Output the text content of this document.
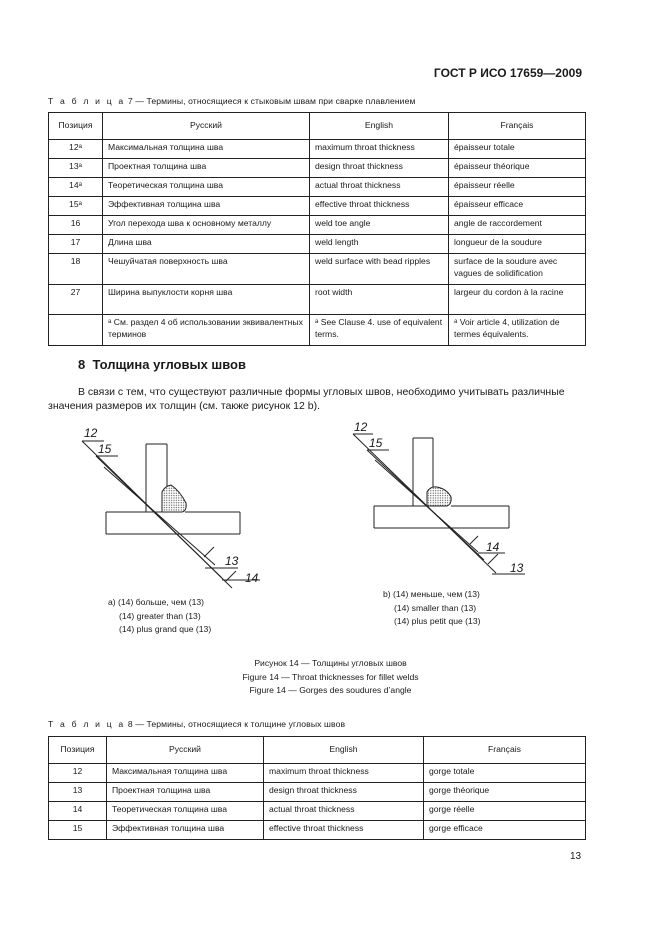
ГОСТ Р ИСО 17659—2009
Т а б л и ц а 7 — Термины, относящиеся к стыковым швам при сварке плавлением
Позиция	Русский	English	Français
12$^a$	Максимальная толщина шва	maximum throat thickness	épaisseur totale
13$^a$	Проектная толщина шва	design throat thickness	épaisseur théorique
14$^a$	Теоретическая толщина шва	actual throat thickness	épaisseur réelle
15$^a$	Эффективная толщина шва	effective throat thickness	épaisseur efficace
16	Угол перехода шва к основному металлу	weld toe angle	angle de raccordement
17	Длина шва	weld length	longueur de la soudure
18	Чешуйчатая поверхность шва	weld surface with bead ripples	surface de la soudure avec vagues de solidification
27	Ширина выпуклости корня шва	root width	largeur du cordon à la racine
	$^a$ См. раздел 4 об использовании эквивалентных терминов	$^a$ See Clause 4. use of equivalent terms.	$^a$ Voir article 4, utilization de termes équivalents.
8 Толщина угловых швов
В связи с тем, что существуют различные формы угловых швов, необходимо учитывать различные значения размеров их толщин (см. также рисунок 12 b).
12
15
13
14
12
15
14
13
а) (14) больше, чем (13)
(14) greater than (13)
(14) plus grand que (13)
b) (14) меньше, чем (13)
(14) smaller than (13)
(14) plus petit que (13)
Рисунок 14 — Толщины угловых швов
Figure 14 — Throat thicknesses for fillet welds
Figure 14 — Gorges des soudures d’angle
Т а б л и ц а 8 — Термины, относящиеся к толщине угловых швов
Позиция	Русский	English	Français
12	Максимальная толщина шва	maximum throat thickness	gorge totale
13	Проектная толщина шва	design throat thickness	gorge théorique
14	Теоретическая толщина шва	actual throat thickness	gorge réelle
15	Эффективная толщина шва	effective throat thickness	gorge efficace
13
